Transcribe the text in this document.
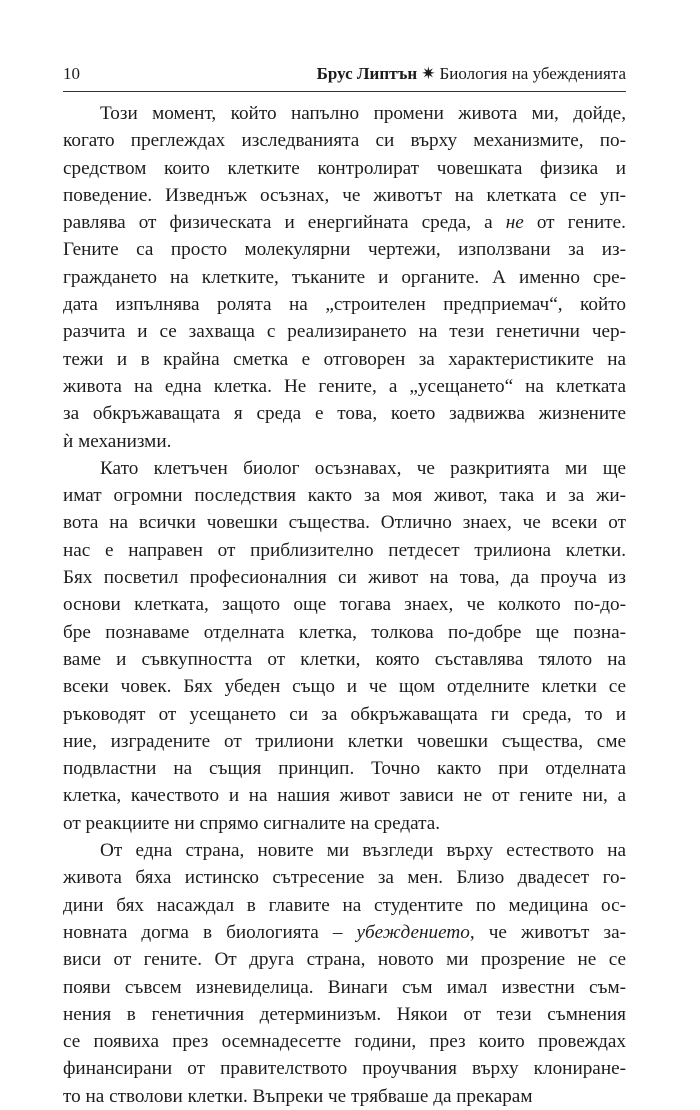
10	Брус Липтън ✷ Биология на убежденията
Този момент, който напълно промени живота ми, дойде,
когато преглеждах изследванията си върху механизмите, по-
средством които клетките контролират човешката физика и
поведение. Изведнъж осъзнах, че животът на клетката се уп-
равлява от физическата и енергийната среда, а не от гените.
Гените са просто молекулярни чертежи, използвани за из-
граждането на клетките, тъканите и органите. А именно сре-
дата изпълнява ролята на „строителен предприемач“, който
разчита и се захваща с реализирането на тези генетични чер-
тежи и в крайна сметка е отговорен за характеристиките на
живота на една клетка. Не гените, а „усещането“ на клетката
за обкръжаващата я среда е това, което задвижва жизнените
ѝ механизми.
Като клетъчен биолог осъзнавах, че разкритията ми ще
имат огромни последствия както за моя живот, така и за жи-
вота на всички човешки същества. Отлично знаех, че всеки от
нас е направен от приблизително петдесет трилиона клетки.
Бях посветил професионалния си живот на това, да проуча из
основи клетката, защото още тогава знаех, че колкото по-до-
бре познаваме отделната клетка, толкова по-добре ще позна-
ваме и съвкупността от клетки, която съставлява тялото на
всеки човек. Бях убеден също и че щом отделните клетки се
ръководят от усещането си за обкръжаващата ги среда, то и
ние, изградените от трилиони клетки човешки същества, сме
подвластни на същия принцип. Точно както при отделната
клетка, качеството и на нашия живот зависи не от гените ни, а
от реакциите ни спрямо сигналите на средата.
От една страна, новите ми възгледи върху естеството на
живота бяха истинско сътресение за мен. Близо двадесет го-
дини бях насаждал в главите на студентите по медицина ос-
новната догма в биологията – убеждението, че животът за-
виси от гените. От друга страна, новото ми прозрение не се
появи съвсем изневиделица. Винаги съм имал известни съм-
нения в генетичния детерминизъм. Някои от тези съмнения
се появиха през осемнадесетте години, през които провеждах
финансирани от правителството проучвания върху клониране-
то на стволови клетки. Въпреки че трябваше да прекарам
